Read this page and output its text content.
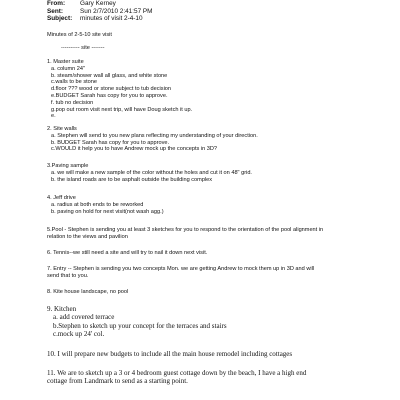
From: Gary Kerney
Sent:	Sun 2/7/2010 2:41:57 PM
Subject: minutes of visit 2-4-10
Minutes of 2-5-10 site visit
---------- site -------
1. Master suite
a. column 24"
b. steam/shower wall all glass, and white stone
c.walls to be stone
d.floor ??? wood or stone subject to tub decision
e.BUDGET Sarah has copy for you to approve.
f. tub no decision
g.pop out room visit next trip, will have Doug sketch it up.
e.
2. Site walls
a. Stephen will send to you new plans reflecting my understanding of your direction.
b. BUDGET Sarah has copy for you to approve.
c.WOULD it help you to have Andrew mock up the concepts in 3D?
3.Paving sample
a. we will make a new sample of the color without the holes and cut it on 48" grid.
b. the island roads are to be asphalt outside the building complex
4. Jeff drive
a. radius at both ends to be reworked
b. paving on hold for next visit(not wash agg.)
5.Pool - Stephen is sending you at least 3 sketches for you to respond to the orientation of the pool alignment in
relation to the views and pavilion
6. Tennis--we still need a site and will try to nail it down next visit.
7. Entry -- Stephen is sending you two concepts Mon. we are getting Andrew to mock them up in 3D and will
send that to you.
8. Kite house landscape, no pool
9. Kitchen
a. add covered terrace
b.Stephen to sketch up your concept for the terraces and stairs
c.mock up 24' col.
10. I will prepare new budgets to include all the main house remodel including cottages
11. We are to sketch up a 3 or 4 bedroom guest cottage down by the beach, I have a high end
cottage from Landmark to send as a starting point.
